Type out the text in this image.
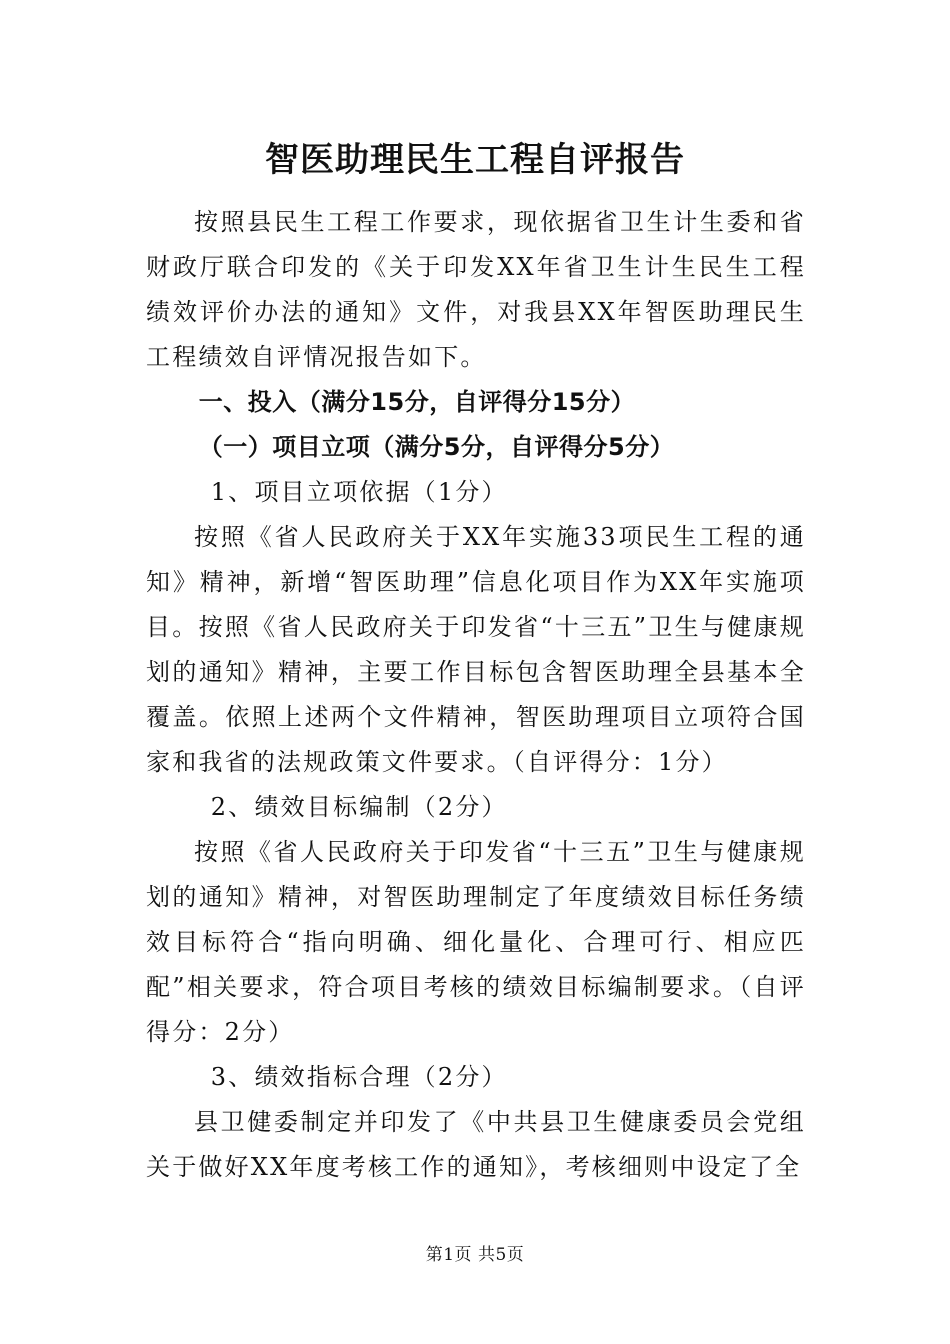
智医助理民生工程自评报告

按照县民生工程工作要求，现依据省卫生计生委和省财政厅联合印发的《关于印发XX年省卫生计生民生工程绩效评价办法的通知》文件，对我县XX年智医助理民生工程绩效自评情况报告如下。

一、投入（满分15分，自评得分15分）

（一）项目立项（满分5分，自评得分5分）

1、项目立项依据（1分）

按照《省人民政府关于XX年实施33项民生工程的通知》精神，新增“智医助理”信息化项目作为XX年实施项目。按照《省人民政府关于印发省“十三五”卫生与健康规划的通知》精神，主要工作目标包含智医助理全县基本全覆盖。依照上述两个文件精神，智医助理项目立项符合国家和我省的法规政策文件要求。（自评得分：1分）

2、绩效目标编制（2分）

按照《省人民政府关于印发省“十三五”卫生与健康规划的通知》精神，对智医助理制定了年度绩效目标任务绩效目标符合“指向明确、细化量化、合理可行、相应匹配”相关要求，符合项目考核的绩效目标编制要求。（自评得分：2分）

3、绩效指标合理（2分）

县卫健委制定并印发了《中共县卫生健康委员会党组关于做好XX年度考核工作的通知》，考核细则中设定了全

第1页 共5页
